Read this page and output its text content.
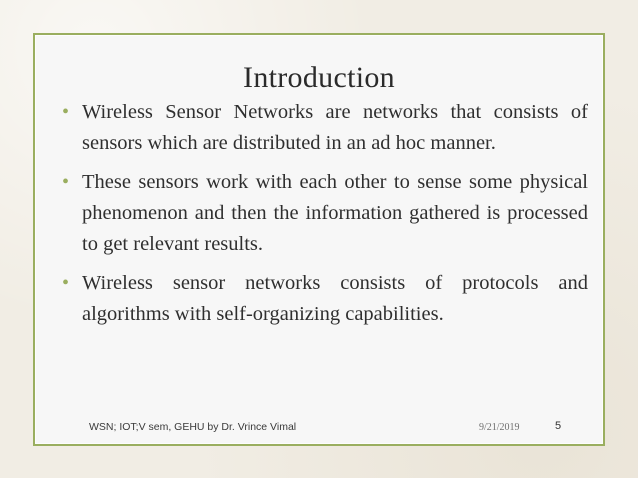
Introduction
• Wireless Sensor Networks are networks that consists of sensors which are distributed in an ad hoc manner.
• These sensors work with each other to sense some physical phenomenon and then the information gathered is processed to get relevant results.
• Wireless sensor networks consists of protocols and algorithms with self-organizing capabilities.
WSN; IOT;V sem, GEHU by Dr. Vrince Vimal	9/21/2019	5
